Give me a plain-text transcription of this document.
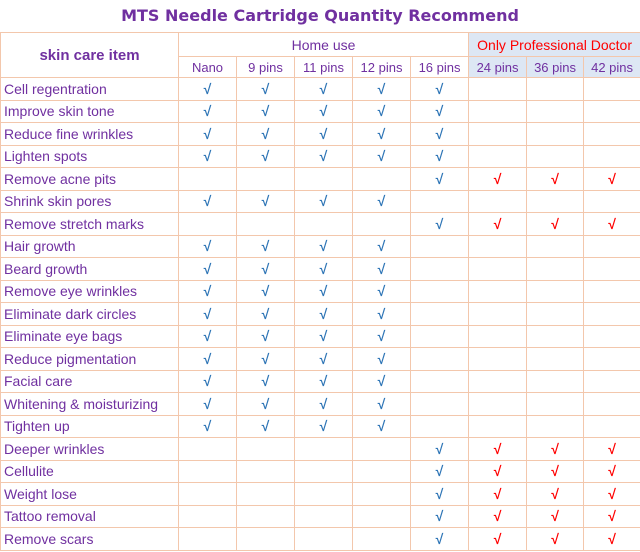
MTS Needle Cartridge Quantity Recommend
skin care item	Home use					Only Professional Doctor		
	Nano	9 pins	11 pins	12 pins	16 pins	24 pins	36 pins	42 pins
Cell regentration	√	√	√	√	√			
Improve skin tone	√	√	√	√	√			
Reduce fine wrinkles	√	√	√	√	√			
Lighten spots	√	√	√	√	√			
Remove acne pits					√	√	√	√
Shrink skin pores	√	√	√	√				
Remove stretch marks					√	√	√	√
Hair growth	√	√	√	√				
Beard growth	√	√	√	√				
Remove eye wrinkles	√	√	√	√				
Eliminate dark circles	√	√	√	√				
Eliminate eye bags	√	√	√	√				
Reduce pigmentation	√	√	√	√				
Facial care	√	√	√	√				
Whitening & moisturizing	√	√	√	√				
Tighten up	√	√	√	√				
Deeper wrinkles					√	√	√	√
Cellulite					√	√	√	√
Weight lose					√	√	√	√
Tattoo removal					√	√	√	√
Remove scars					√	√	√	√
